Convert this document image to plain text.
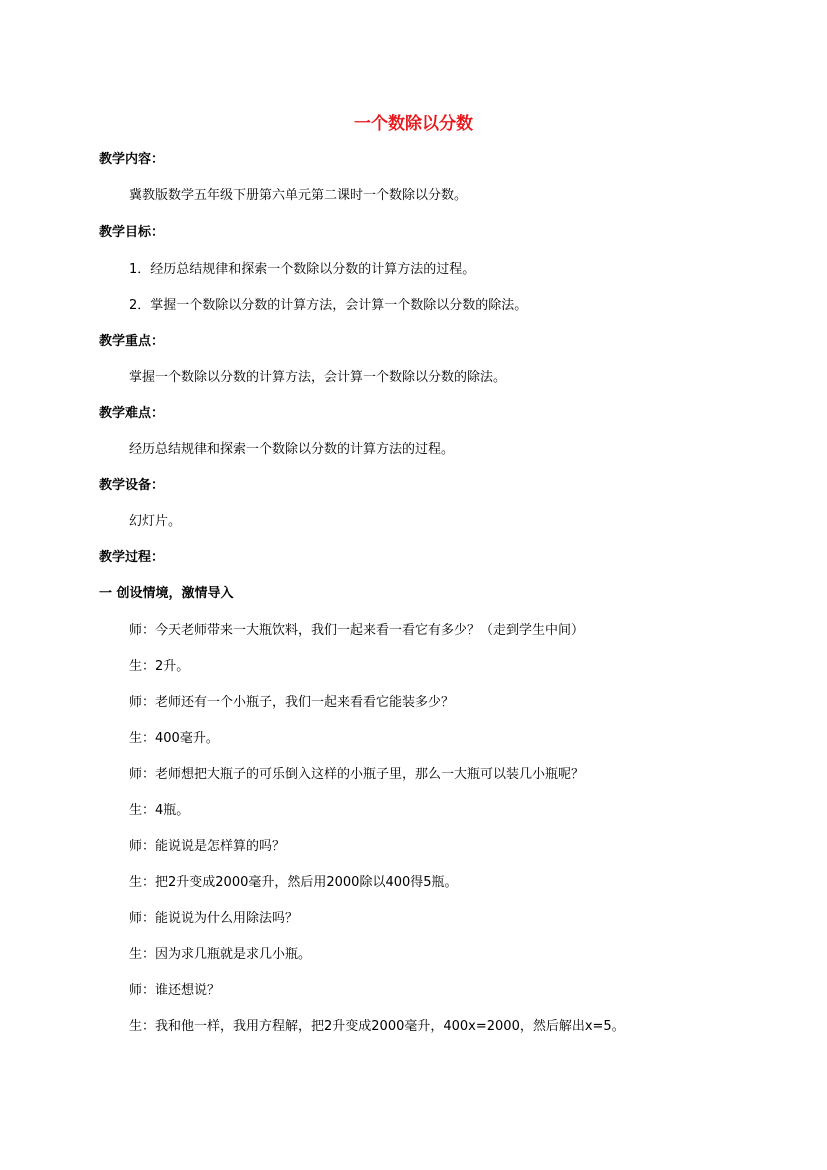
一个数除以分数
教学内容：
冀教版数学五年级下册第六单元第二课时一个数除以分数。
教学目标：
1．经历总结规律和探索一个数除以分数的计算方法的过程。
2．掌握一个数除以分数的计算方法，会计算一个数除以分数的除法。
教学重点：
掌握一个数除以分数的计算方法，会计算一个数除以分数的除法。
教学难点：
经历总结规律和探索一个数除以分数的计算方法的过程。
教学设备：
幻灯片。
教学过程：
一 创设情境，激情导入
师：今天老师带来一大瓶饮料，我们一起来看一看它有多少？（走到学生中间）
生：2升。
师：老师还有一个小瓶子，我们一起来看看它能装多少？
生：400毫升。
师：老师想把大瓶子的可乐倒入这样的小瓶子里，那么一大瓶可以装几小瓶呢？
生：4瓶。
师：能说说是怎样算的吗？
生：把2升变成2000毫升，然后用2000除以400得5瓶。
师：能说说为什么用除法吗？
生：因为求几瓶就是求几小瓶。
师：谁还想说？
生：我和他一样，我用方程解，把2升变成2000毫升，400x=2000，然后解出x=5。
